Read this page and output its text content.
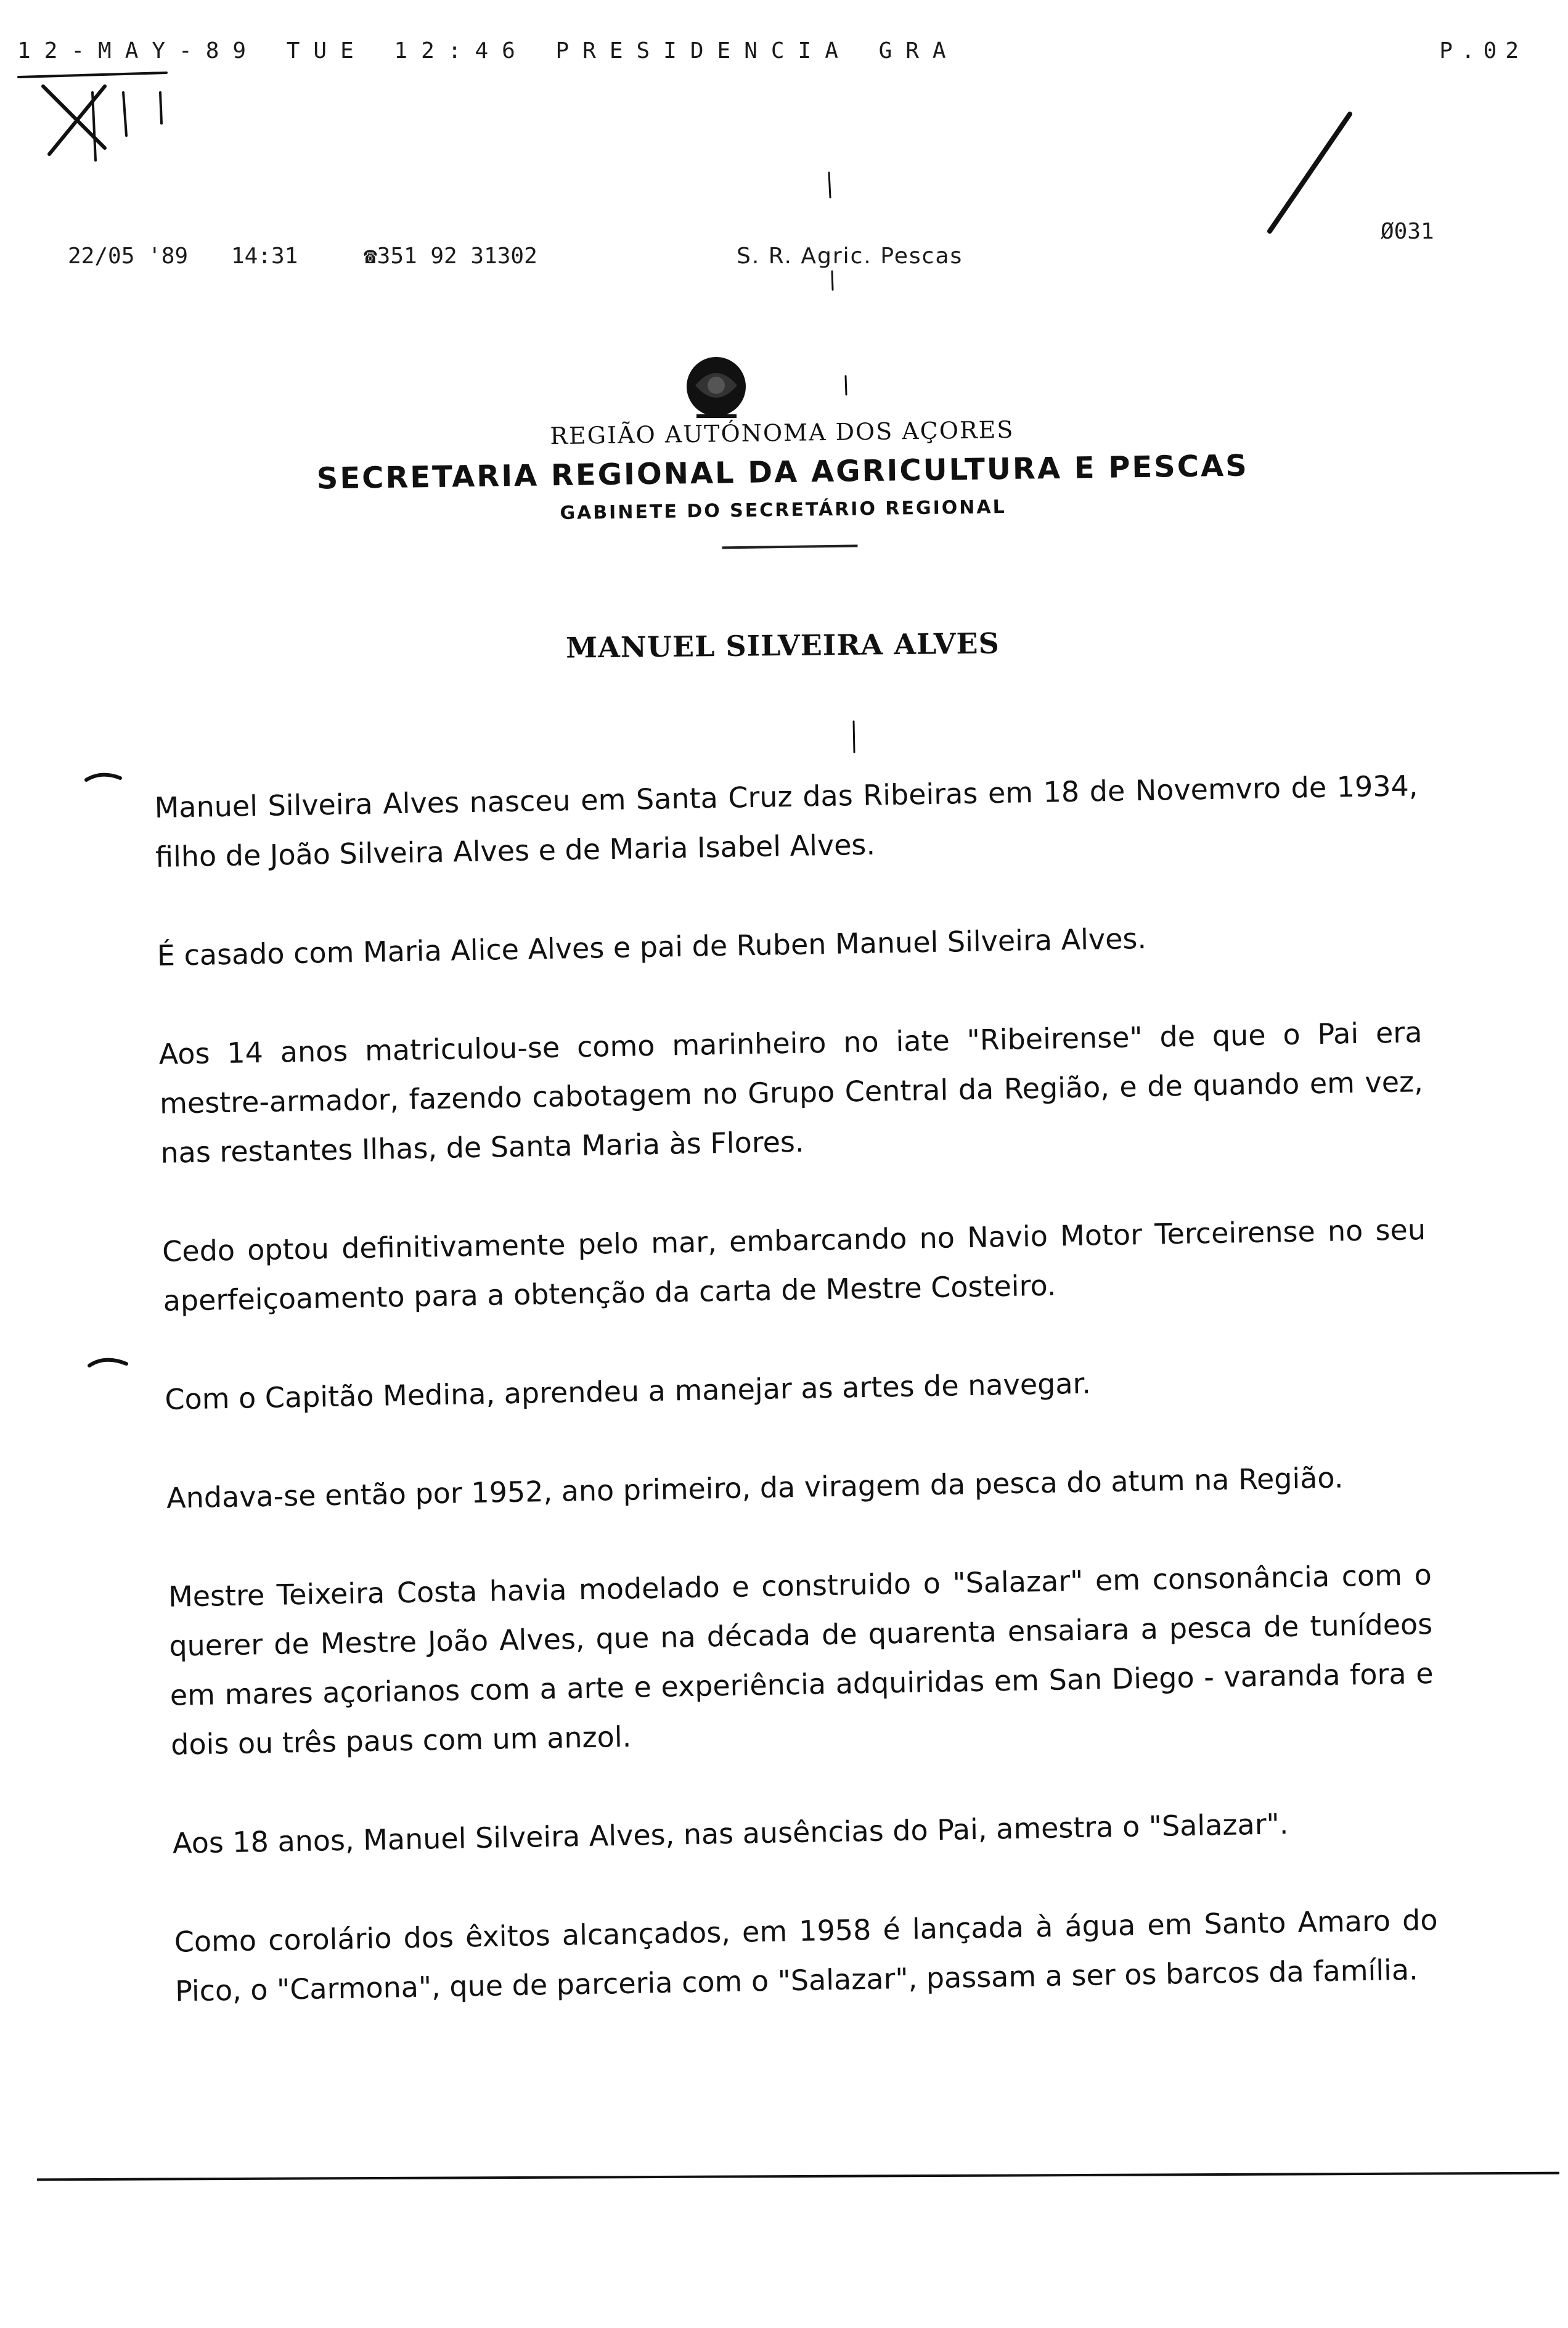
12-MAY-89 TUE 12:46 PRESIDENCIA GRA	P.02
22/05 '89 14:31	☎351 92 31302	S. R. Agric. Pescas
Ø031

REGIÃO AUTÓNOMA DOS AÇORES

SECRETARIA REGIONAL DA AGRICULTURA E PESCAS

GABINETE DO SECRETÁRIO REGIONAL

MANUEL SILVEIRA ALVES

Manuel Silveira Alves nasceu em Santa Cruz das Ribeiras em 18 de Novemvro de 1934, filho de João Silveira Alves e de Maria Isabel Alves.

É casado com Maria Alice Alves e pai de Ruben Manuel Silveira Alves.

Aos 14 anos matriculou-se como marinheiro no iate "Ribeirense" de que o Pai era mestre-armador, fazendo cabotagem no Grupo Central da Região, e de quando em vez, nas restantes Ilhas, de Santa Maria às Flores.

Cedo optou definitivamente pelo mar, embarcando no Navio Motor Terceirense no seu aperfeiçoamento para a obtenção da carta de Mestre Costeiro.

Com o Capitão Medina, aprendeu a manejar as artes de navegar.

Andava-se então por 1952, ano primeiro, da viragem da pesca do atum na Região.

Mestre Teixeira Costa havia modelado e construido o "Salazar" em consonância com o querer de Mestre João Alves, que na década de quarenta ensaiara a pesca de tunídeos em mares açorianos com a arte e experiência adquiridas em San Diego - varanda fora e dois ou três paus com um anzol.

Aos 18 anos, Manuel Silveira Alves, nas ausências do Pai, amestra o "Salazar".

Como corolário dos êxitos alcançados, em 1958 é lançada à água em Santo Amaro do Pico, o "Carmona", que de parceria com o "Salazar", passam a ser os barcos da família.
